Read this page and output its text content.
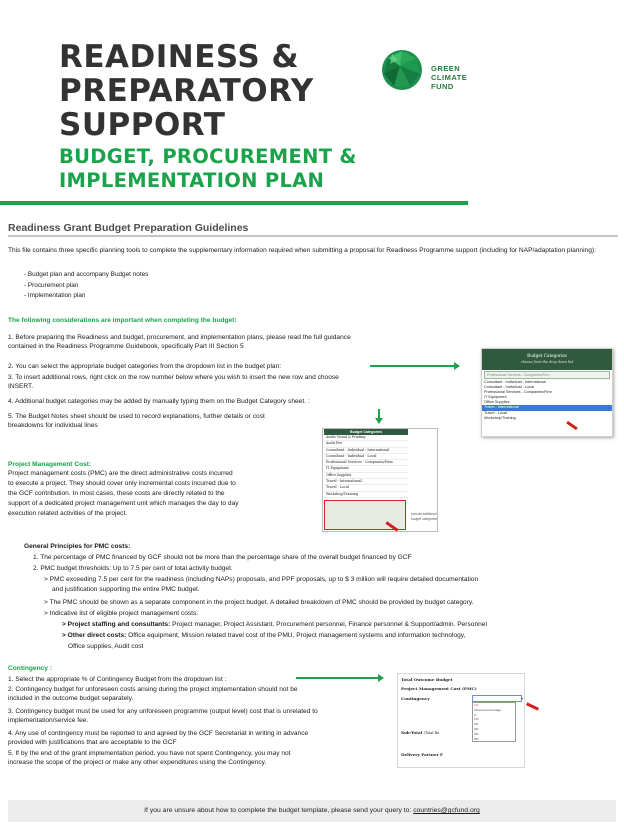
READINESS &
PREPARATORY
SUPPORT
BUDGET, PROCUREMENT &
IMPLEMENTATION PLAN
GREEN
CLIMATE
FUND
Readiness Grant Budget Preparation Guidelines
This file contains three specific planning tools to complete the supplementary information required when submitting a proposal for Readiness Programme support (including for NAP/adaptation planning):
- Budget plan and accompany Budget notes
- Procurement plan
- Implementation plan
The following considerations are important when completing the budget:
1. Before preparing the Readiness and budget, procurement, and implementation plans, please read the full guidance
contained in the Readiness Programme Guidebook, specifically Part III Section 5
2. You can select the appropriate budget categories from the dropdown list in the budget plan:
3. To insert additional rows, right click on the row number below where you wish to insert the new row and choose
INSERT.
4. Additional budget categories may be added by manually typing them on the Budget Category sheet. :
5. The Budget Notes sheet should be used to record explanations, further details or cost
breakdowns for individual lines
Budget Categories
choose from the drop down list
Professional Services - Companies/Firm
Consultant - Individual - International
Consultant - Individual - Local
Professional Services - Companies/Firm
IT Equipment
Office Supplies
Travel - International
Travel - Local
Workshop/Training
Budget Categories
Audio Visual & Printing
Audit Fee
Consultant - Individual - International
Consultant - Individual - Local
Professional Services - Companies/Firm
IT Equipment
Office Supplies
Travel - International
Travel - Local
Workshop/Training
Include additional budget categories
Project Management Cost:
Project management costs (PMC) are the direct administrative costs incurred
to execute a project. They should cover only incremental costs incurred due to
the GCF contribution. In most cases, these costs are directly related to the
support of a dedicated project management unit which manages the day to day
execution related activities of the project.
General Principles for PMC costs:
1. The percentage of PMC financed by GCF should not be more than the percentage share of the overall budget financed by GCF
2. PMC budget thresholds: Up to 7.5 per cent of total activity budget.
> PMC exceeding 7.5 per cent for the readiness (including NAPs) proposals, and PPF proposals, up to $ 3 million will require detailed documentation
and justification supporting the entire PMC budget.
> The PMC should be shown as a separate component in the project budget. A detailed breakdown of PMC should be provided by budget category.
> Indicative list of eligible project management costs:
> Project staffing and consultants: Project manager, Project Assistant, Procurement personnel, Finance personnel & Support/admin. Personnel
> Other direct costs: Office equipment, Mission related travel cost of the PMU, Project management systems and information technology,
Office supplies, Audit cost
Contingency :
1. Select the appropriate % of Contingency Budget from the dropdown list :
2. Contingency budget for unforeseen costs arising during the project implementation should not be
included in the outcome budget separately.
3. Contingency budget must be used for any unforeseen programme (output level) cost that is unrelated to
implementation/service fee.
4. Any use of contingency must be reported to and agreed by the GCF Secretariat in writing in advance
provided with justifications that are acceptable to the GCF
5. If by the end of the grant implementation period, you have not spent Contingency, you may not
increase the scope of the project or make any other expenditures using the Contingency.
Total Outcome Budget
Project Management Cost (PMC)
Contingency	▾
1%
Choose percentage
0
1%
2%
3%
4%
5%
Sub-Total (Total Bu
Delivery Partner F
If you are unsure about how to complete the budget template, please send your query to: countries@gcfund.org
